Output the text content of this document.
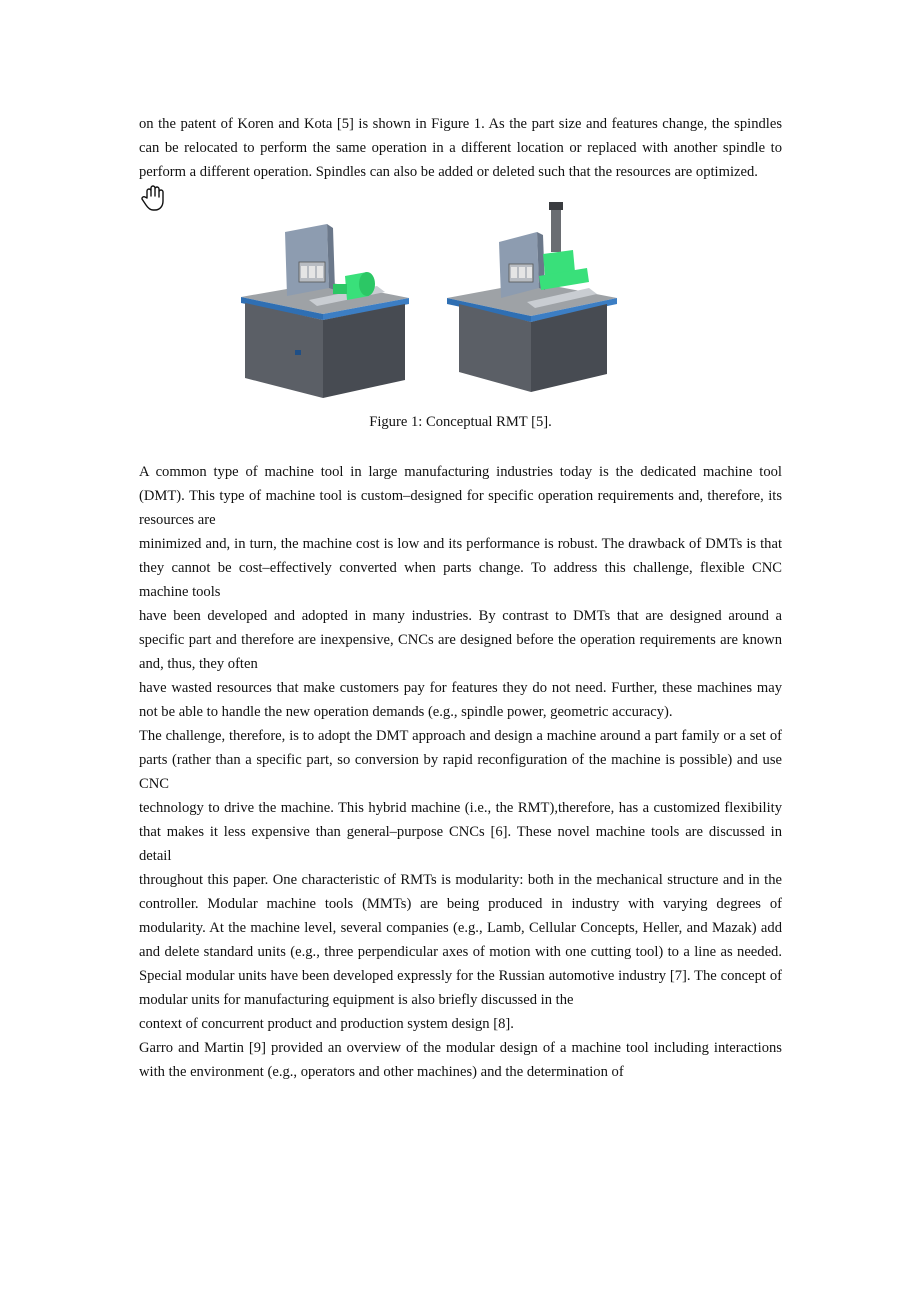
on the patent of Koren and Kota [5] is shown in Figure 1. As the part size and features change, the spindles can be relocated to perform the same operation in a different location or replaced with another spindle to perform a different operation. Spindles can also be added or deleted such that the resources are optimized.

Figure 1: Conceptual RMT [5].

A common type of machine tool in large manufacturing industries today is the dedicated machine tool (DMT). This type of machine tool is custom–designed for specific operation requirements and, therefore, its resources are

minimized and, in turn, the machine cost is low and its performance is robust. The drawback of DMTs is that they cannot be cost–effectively converted when parts change. To address this challenge, flexible CNC machine tools

have been developed and adopted in many industries. By contrast to DMTs that are designed around a specific part and therefore are inexpensive, CNCs are designed before the operation requirements are known and, thus, they often

have wasted resources that make customers pay for features they do not need. Further, these machines may not be able to handle the new operation demands (e.g., spindle power, geometric accuracy).

The challenge, therefore, is to adopt the DMT approach and design a machine around a part family or a set of parts (rather than a specific part, so conversion by rapid reconfiguration of the machine is possible) and use CNC

technology to drive the machine. This hybrid machine (i.e., the RMT),therefore, has a customized flexibility that makes it less expensive than general–purpose CNCs [6]. These novel machine tools are discussed in detail

throughout this paper. One characteristic of RMTs is modularity: both in the mechanical structure and in the controller. Modular machine tools (MMTs) are being produced in industry with varying degrees of modularity. At the machine level, several companies (e.g., Lamb, Cellular Concepts, Heller, and Mazak) add and delete standard units (e.g., three perpendicular axes of motion with one cutting tool) to a line as needed. Special modular units have been developed expressly for the Russian automotive industry [7]. The concept of modular units for manufacturing equipment is also briefly discussed in the

context of concurrent product and production system design [8].

Garro and Martin [9] provided an overview of the modular design of a machine tool including interactions with the environment (e.g., operators and other machines) and the determination of
